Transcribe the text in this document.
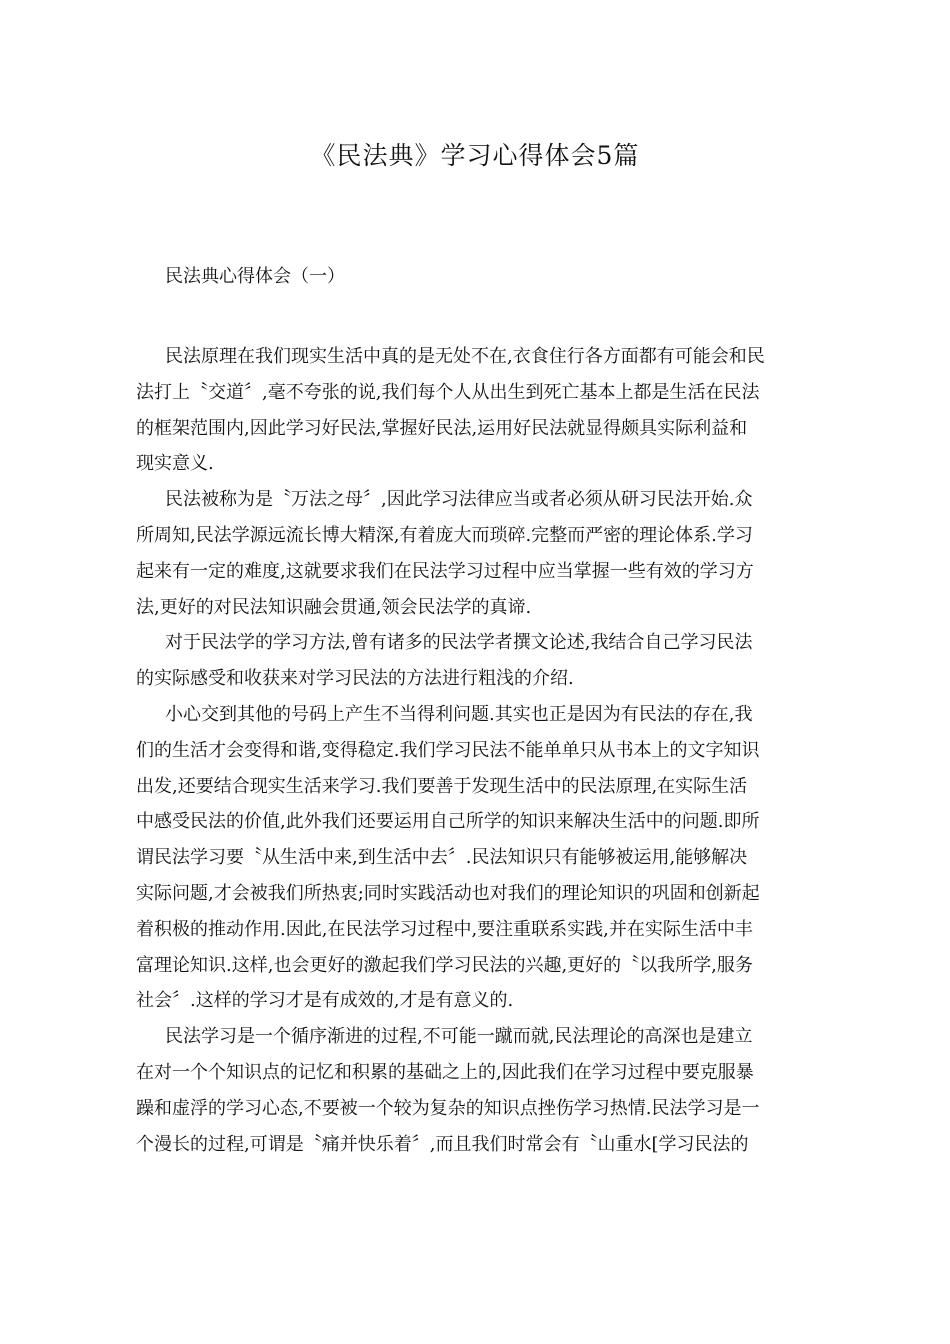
《民法典》学习心得体会5篇
民法典心得体会（一）
民法原理在我们现实生活中真的是无处不在,衣食住行各方面都有可能会和民
法打上〝交道〞,毫不夸张的说,我们每个人从出生到死亡基本上都是生活在民法
的框架范围内,因此学习好民法,掌握好民法,运用好民法就显得颇具实际利益和
现实意义.
民法被称为是〝万法之母〞,因此学习法律应当或者必须从研习民法开始.众
所周知,民法学源远流长博大精深,有着庞大而琐碎.完整而严密的理论体系.学习
起来有一定的难度,这就要求我们在民法学习过程中应当掌握一些有效的学习方
法,更好的对民法知识融会贯通,领会民法学的真谛.
对于民法学的学习方法,曾有诸多的民法学者撰文论述,我结合自己学习民法
的实际感受和收获来对学习民法的方法进行粗浅的介绍.
小心交到其他的号码上产生不当得利问题.其实也正是因为有民法的存在,我
们的生活才会变得和谐,变得稳定.我们学习民法不能单单只从书本上的文字知识
出发,还要结合现实生活来学习.我们要善于发现生活中的民法原理,在实际生活
中感受民法的价值,此外我们还要运用自己所学的知识来解决生活中的问题.即所
谓民法学习要〝从生活中来,到生活中去〞.民法知识只有能够被运用,能够解决
实际问题,才会被我们所热衷;同时实践活动也对我们的理论知识的巩固和创新起
着积极的推动作用.因此,在民法学习过程中,要注重联系实践,并在实际生活中丰
富理论知识.这样,也会更好的激起我们学习民法的兴趣,更好的〝以我所学,服务
社会〞.这样的学习才是有成效的,才是有意义的.
民法学习是一个循序渐进的过程,不可能一蹴而就,民法理论的高深也是建立
在对一个个知识点的记忆和积累的基础之上的,因此我们在学习过程中要克服暴
躁和虚浮的学习心态,不要被一个较为复杂的知识点挫伤学习热情.民法学习是一
个漫长的过程,可谓是〝痛并快乐着〞,而且我们时常会有〝山重水[学习民法的
